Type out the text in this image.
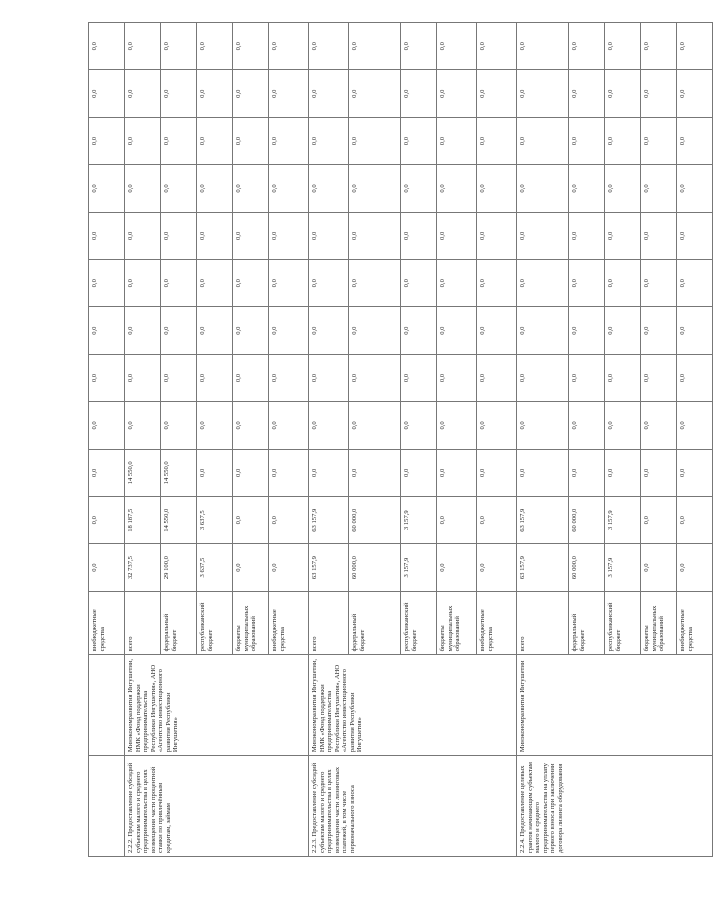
		внебюджетные средства	0,0	0,0	0,0	0,0	0,0	0,0	0,0	0,0	0,0	0,0	0,0	0,0
2.2.2. Предоставление субсидий субъектам малого и среднего предпринимательства в целях возмещения части процентной ставки по привлечённым кредитам, займам	Минэкономразвития Ингушетии, НМК «Фонд поддержки предпринимательства Республики Ингушетия», АНО «Агентство инвестиционного развития Республики Ингушетия»	всего	32 737,5	18 187,5	14 550,0	0,0	0,0	0,0	0,0	0,0	0,0	0,0	0,0	0,0
		федеральный бюджет	29 100,0	14 550,0	14 550,0	0,0	0,0	0,0	0,0	0,0	0,0	0,0	0,0	0,0
		республиканский бюджет	3 637,5	3 637,5	0,0	0,0	0,0	0,0	0,0	0,0	0,0	0,0	0,0	0,0
		бюджеты муниципальных образований	0,0	0,0	0,0	0,0	0,0	0,0	0,0	0,0	0,0	0,0	0,0	0,0
		внебюджетные средства	0,0	0,0	0,0	0,0	0,0	0,0	0,0	0,0	0,0	0,0	0,0	0,0
2.2.3. Предоставление субсидий субъектам малого и среднего предпринимательства в целях возмещения части лизинговых платежей, в том числе первоначального взноса	Минэкономразвития Ингушетии, НМК «Фонд поддержки предпринимательства Республики Ингушетия», АНО «Агентство инвестиционного развития Республики Ингушетия»	всего	63 157,9	63 157,9	0,0	0,0	0,0	0,0	0,0	0,0	0,0	0,0	0,0	0,0
		федеральный бюджет	60 000,0	60 000,0	0,0	0,0	0,0	0,0	0,0	0,0	0,0	0,0	0,0	0,0
		республиканский бюджет	3 157,9	3 157,9	0,0	0,0	0,0	0,0	0,0	0,0	0,0	0,0	0,0	0,0
		бюджеты муниципальных образований	0,0	0,0	0,0	0,0	0,0	0,0	0,0	0,0	0,0	0,0	0,0	0,0
		внебюджетные средства	0,0	0,0	0,0	0,0	0,0	0,0	0,0	0,0	0,0	0,0	0,0	0,0
2.2.4. Предоставление целевых грантов начинающим субъектам малого и среднего предпринимательства на уплату первого взноса при заключении договора лизинга оборудования	Минэкономразвития Ингушетии	всего	63 157,9	63 157,9	0,0	0,0	0,0	0,0	0,0	0,0	0,0	0,0	0,0	0,0
		федеральный бюджет	60 000,0	60 000,0	0,0	0,0	0,0	0,0	0,0	0,0	0,0	0,0	0,0	0,0
		республиканский бюджет	3 157,9	3 157,9	0,0	0,0	0,0	0,0	0,0	0,0	0,0	0,0	0,0	0,0
		бюджеты муниципальных образований	0,0	0,0	0,0	0,0	0,0	0,0	0,0	0,0	0,0	0,0	0,0	0,0
		внебюджетные средства	0,0	0,0	0,0	0,0	0,0	0,0	0,0	0,0	0,0	0,0	0,0	0,0
